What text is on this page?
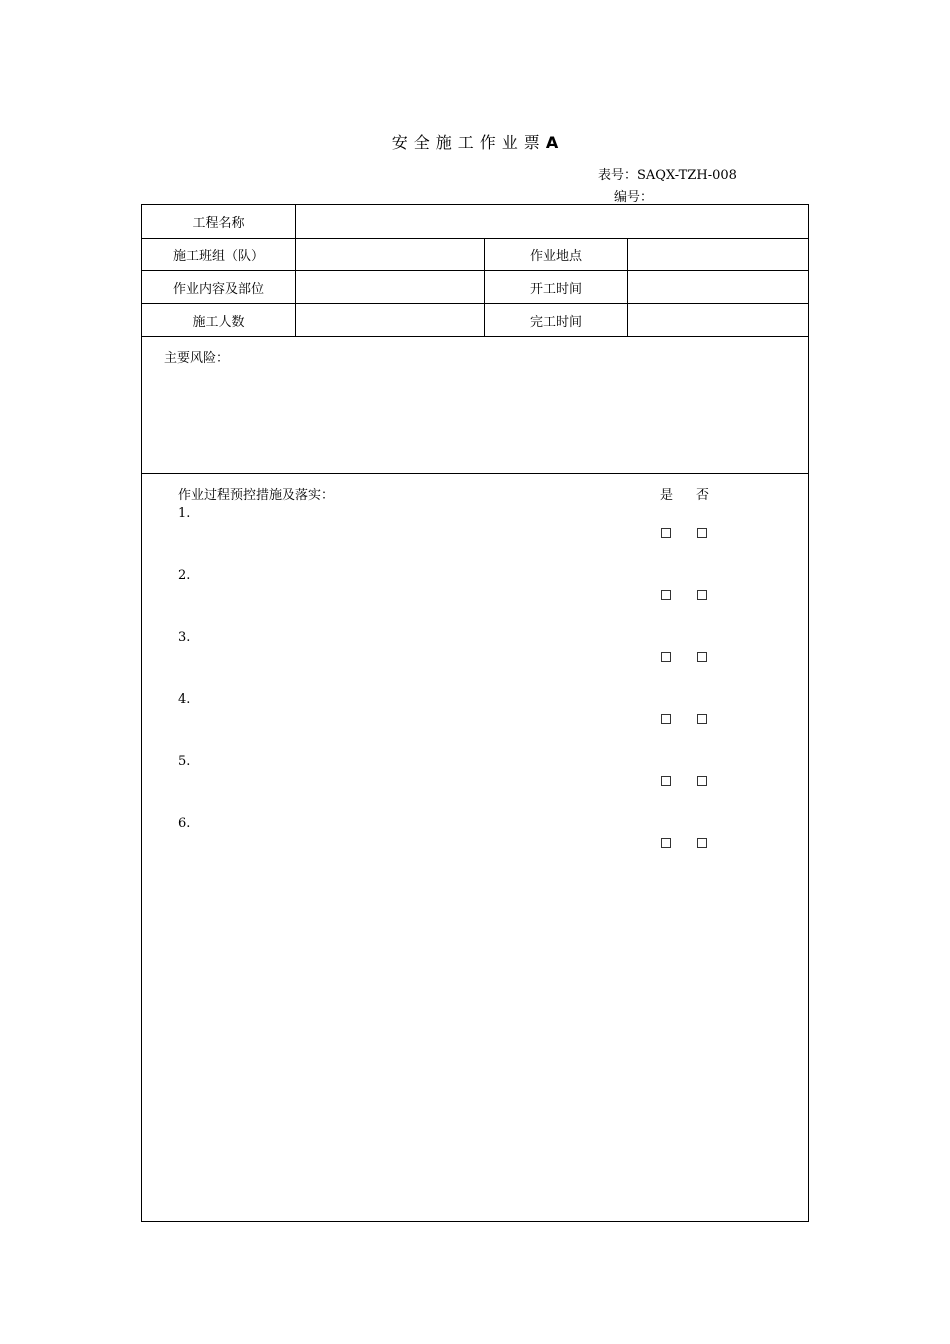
安全施工作业票A
表号：SAQX-TZH-008
编号：
工程名称
施工班组（队）	作业地点
作业内容及部位	开工时间
施工人数	完工时间
主要风险：
作业过程预控措施及落实：	是 否
1.
2.
3.
4.
5.
6.
